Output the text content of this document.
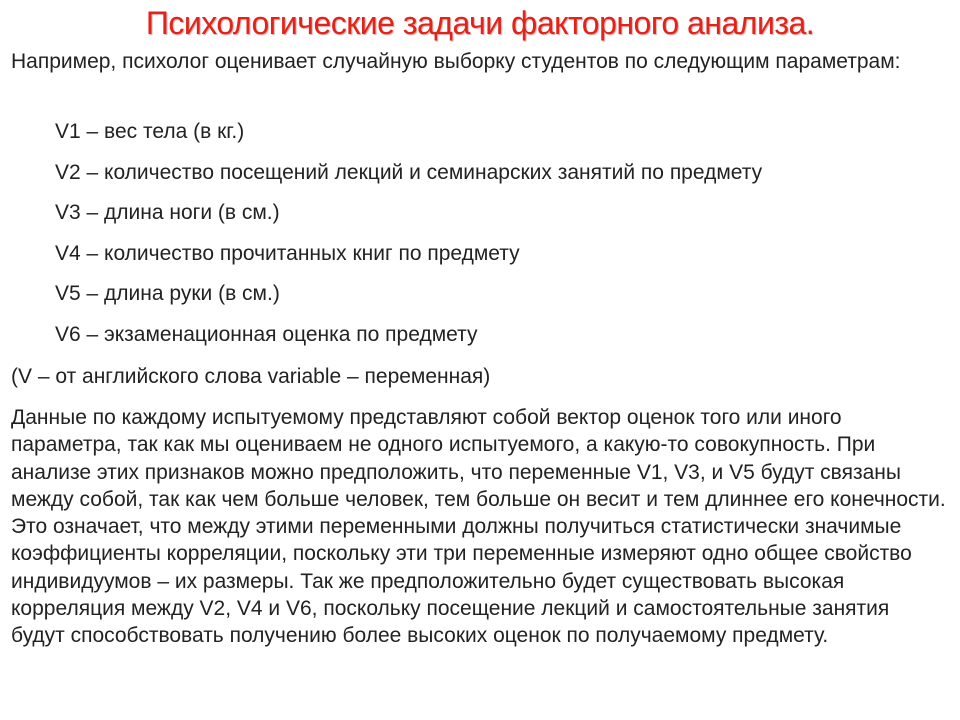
Психологические задачи факторного анализа.
Например, психолог оценивает случайную выборку студентов по следующим параметрам:
V1 – вес тела (в кг.)
V2 – количество посещений лекций и семинарских занятий по предмету
V3 – длина ноги (в см.)
V4 – количество прочитанных книг по предмету
V5 – длина руки (в см.)
V6 – экзаменационная оценка по предмету
(V – от английского слова variable – переменная)
Данные по каждому испытуемому представляют собой вектор оценок того или иного параметра, так как мы оцениваем не одного испытуемого, а какую-то совокупность. При анализе этих признаков можно предположить, что переменные V1, V3, и V5 будут связаны между собой, так как чем больше человек, тем больше он весит и тем длиннее его конечности. Это означает, что между этими переменными должны получиться статистически значимые коэффициенты корреляции, поскольку эти три переменные измеряют одно общее свойство индивидуумов – их размеры. Так же предположительно будет существовать высокая корреляция между V2, V4 и V6, поскольку посещение лекций и самостоятельные занятия будут способствовать получению более высоких оценок по получаемому предмету.
